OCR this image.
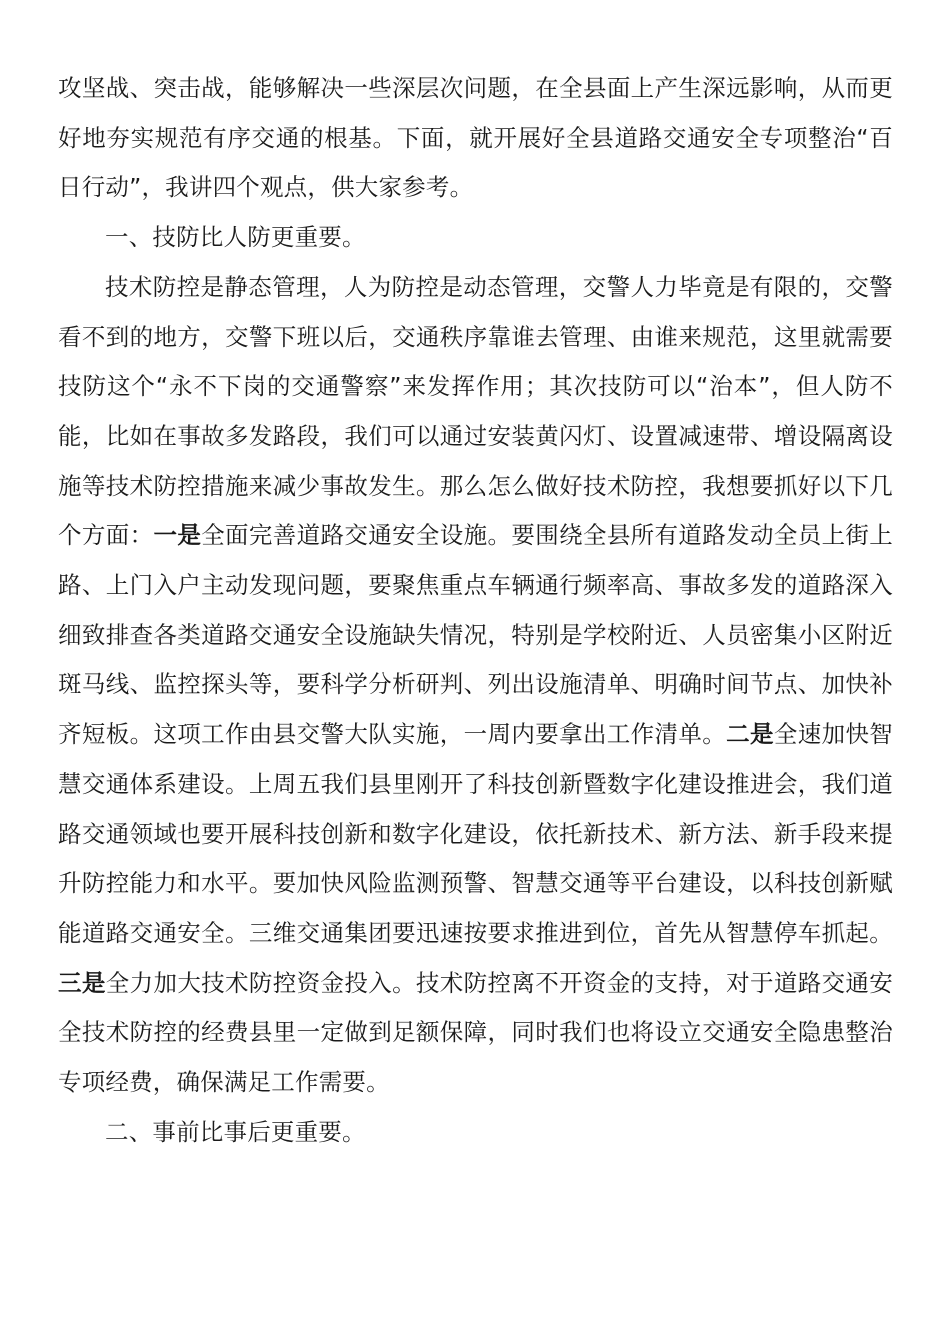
攻坚战、突击战，能够解决一些深层次问题，在全县面上产生深远影响，从而更好地夯实规范有序交通的根基。下面，就开展好全县道路交通安全专项整治“百日行动”，我讲四个观点，供大家参考。

一、技防比人防更重要。

技术防控是静态管理，人为防控是动态管理，交警人力毕竟是有限的，交警看不到的地方，交警下班以后，交通秩序靠谁去管理、由谁来规范，这里就需要技防这个“永不下岗的交通警察”来发挥作用；其次技防可以“治本”，但人防不能，比如在事故多发路段，我们可以通过安装黄闪灯、设置减速带、增设隔离设施等技术防控措施来减少事故发生。那么怎么做好技术防控，我想要抓好以下几个方面：一是全面完善道路交通安全设施。要围绕全县所有道路发动全员上街上路、上门入户主动发现问题，要聚焦重点车辆通行频率高、事故多发的道路深入细致排查各类道路交通安全设施缺失情况，特别是学校附近、人员密集小区附近斑马线、监控探头等，要科学分析研判、列出设施清单、明确时间节点、加快补齐短板。这项工作由县交警大队实施，一周内要拿出工作清单。二是全速加快智慧交通体系建设。上周五我们县里刚开了科技创新暨数字化建设推进会，我们道路交通领域也要开展科技创新和数字化建设，依托新技术、新方法、新手段来提升防控能力和水平。要加快风险监测预警、智慧交通等平台建设，以科技创新赋能道路交通安全。三维交通集团要迅速按要求推进到位，首先从智慧停车抓起。三是全力加大技术防控资金投入。技术防控离不开资金的支持，对于道路交通安全技术防控的经费县里一定做到足额保障，同时我们也将设立交通安全隐患整治专项经费，确保满足工作需要。

二、事前比事后更重要。
